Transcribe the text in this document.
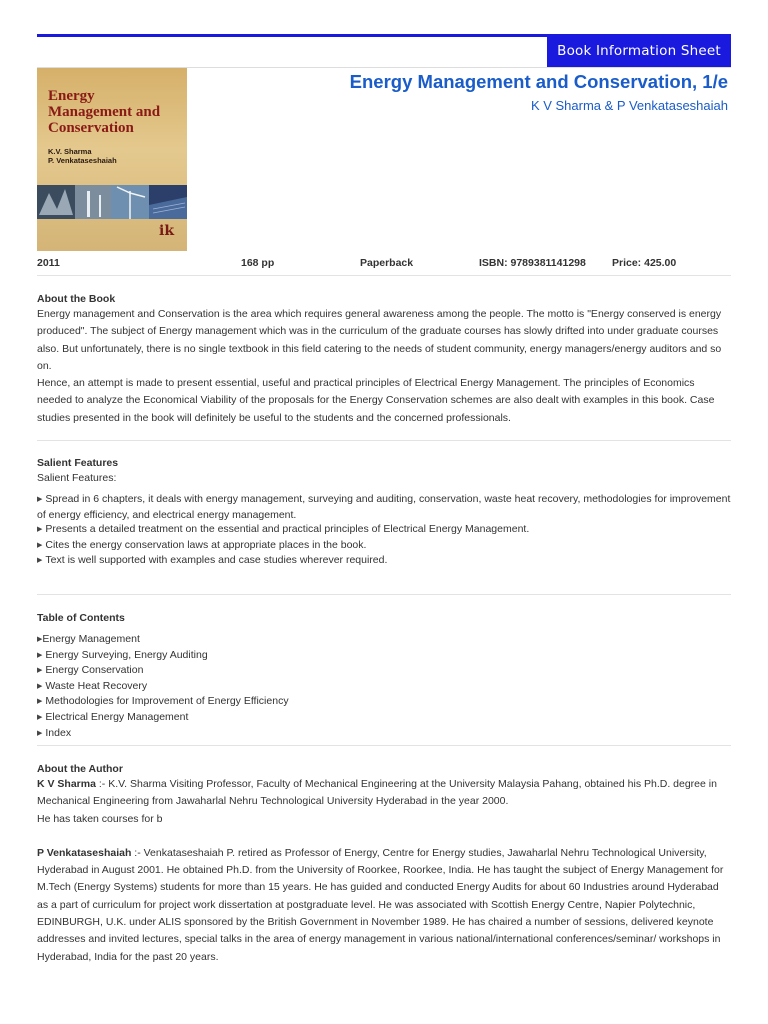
Book Information Sheet
Energy
Management and
Conservation
K.V. Sharma
P. Venkataseshaiah
ik
Energy Management and Conservation, 1/e
K V Sharma & P Venkataseshaiah
2011	168 pp	Paperback	ISBN: 9789381141298 Price: 425.00

About the Book

Energy management and Conservation is the area which requires general awareness among the people. The motto is "Energy conserved is energy produced". The subject of Energy management which was in the curriculum of the graduate courses has slowly drifted into under graduate courses also. But unfortunately, there is no single textbook in this field catering to the needs of student community, energy managers/energy auditors and so on.

Hence, an attempt is made to present essential, useful and practical principles of Electrical Energy Management. The principles of Economics needed to analyze the Economical Viability of the proposals for the Energy Conservation schemes are also dealt with examples in this book. Case studies presented in the book will definitely be useful to the students and the concerned professionals.

Salient Features

Salient Features:

▶ Spread in 6 chapters, it deals with energy management, surveying and auditing, conservation, waste heat recovery, methodologies for improvement of energy efficiency, and electrical energy management.
▶ Presents a detailed treatment on the essential and practical principles of Electrical Energy Management.
▶ Cites the energy conservation laws at appropriate places in the book.
▶ Text is well supported with examples and case studies wherever required.

Table of Contents

▶Energy Management
▶ Energy Surveying, Energy Auditing
▶ Energy Conservation
▶ Waste Heat Recovery
▶ Methodologies for Improvement of Energy Efficiency
▶ Electrical Energy Management
▶ Index

About the Author

K V Sharma :- K.V. Sharma Visiting Professor, Faculty of Mechanical Engineering at the University Malaysia Pahang, obtained his Ph.D. degree in Mechanical Engineering from Jawaharlal Nehru Technological University Hyderabad in the year 2000.

He has taken courses for b

P Venkataseshaiah :- Venkataseshaiah P. retired as Professor of Energy, Centre for Energy studies, Jawaharlal Nehru Technological University, Hyderabad in August 2001. He obtained Ph.D. from the University of Roorkee, Roorkee, India. He has taught the subject of Energy Management for M.Tech (Energy Systems) students for more than 15 years. He has guided and conducted Energy Audits for about 60 Industries around Hyderabad as a part of curriculum for project work dissertation at postgraduate level. He was associated with Scottish Energy Centre, Napier Polytechnic, EDINBURGH, U.K. under ALIS sponsored by the British Government in November 1989. He has chaired a number of sessions, delivered keynote addresses and invited lectures, special talks in the area of energy management in various national/international conferences/seminar/ workshops in Hyderabad, India for the past 20 years.
